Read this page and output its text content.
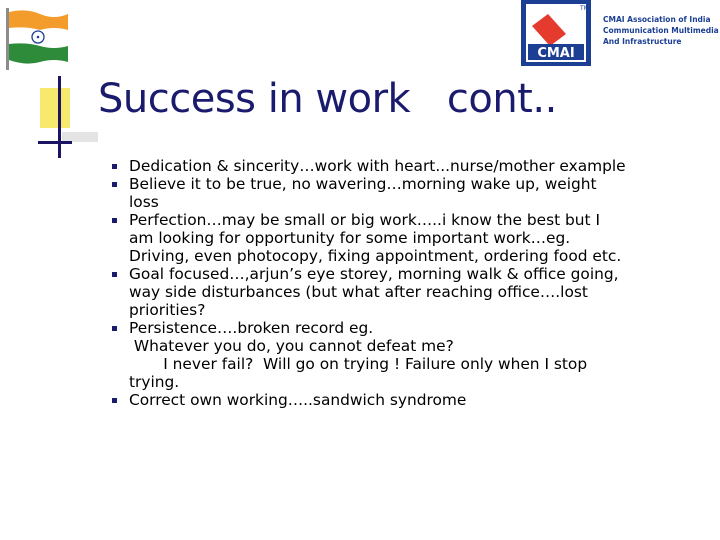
CMAI
TM
CMAI Association of India
Communication Multimedia
And Infrastructure
Success in work   cont..
Dedication & sincerity…work with heart...nurse/mother example
Believe it to be true, no wavering…morning wake up, weight
loss
Perfection…may be small or big work…..i know the best but I
am looking for opportunity for some important work…eg.
Driving, even photocopy, fixing appointment, ordering food etc.
Goal focused…,arjun’s eye storey, morning walk & office going,
way side disturbances (but what after reaching office….lost
priorities?
Persistence….broken record eg.
Whatever you do, you cannot defeat me?
I never fail?  Will go on trying ! Failure only when I stop
trying.
Correct own working…..sandwich syndrome
